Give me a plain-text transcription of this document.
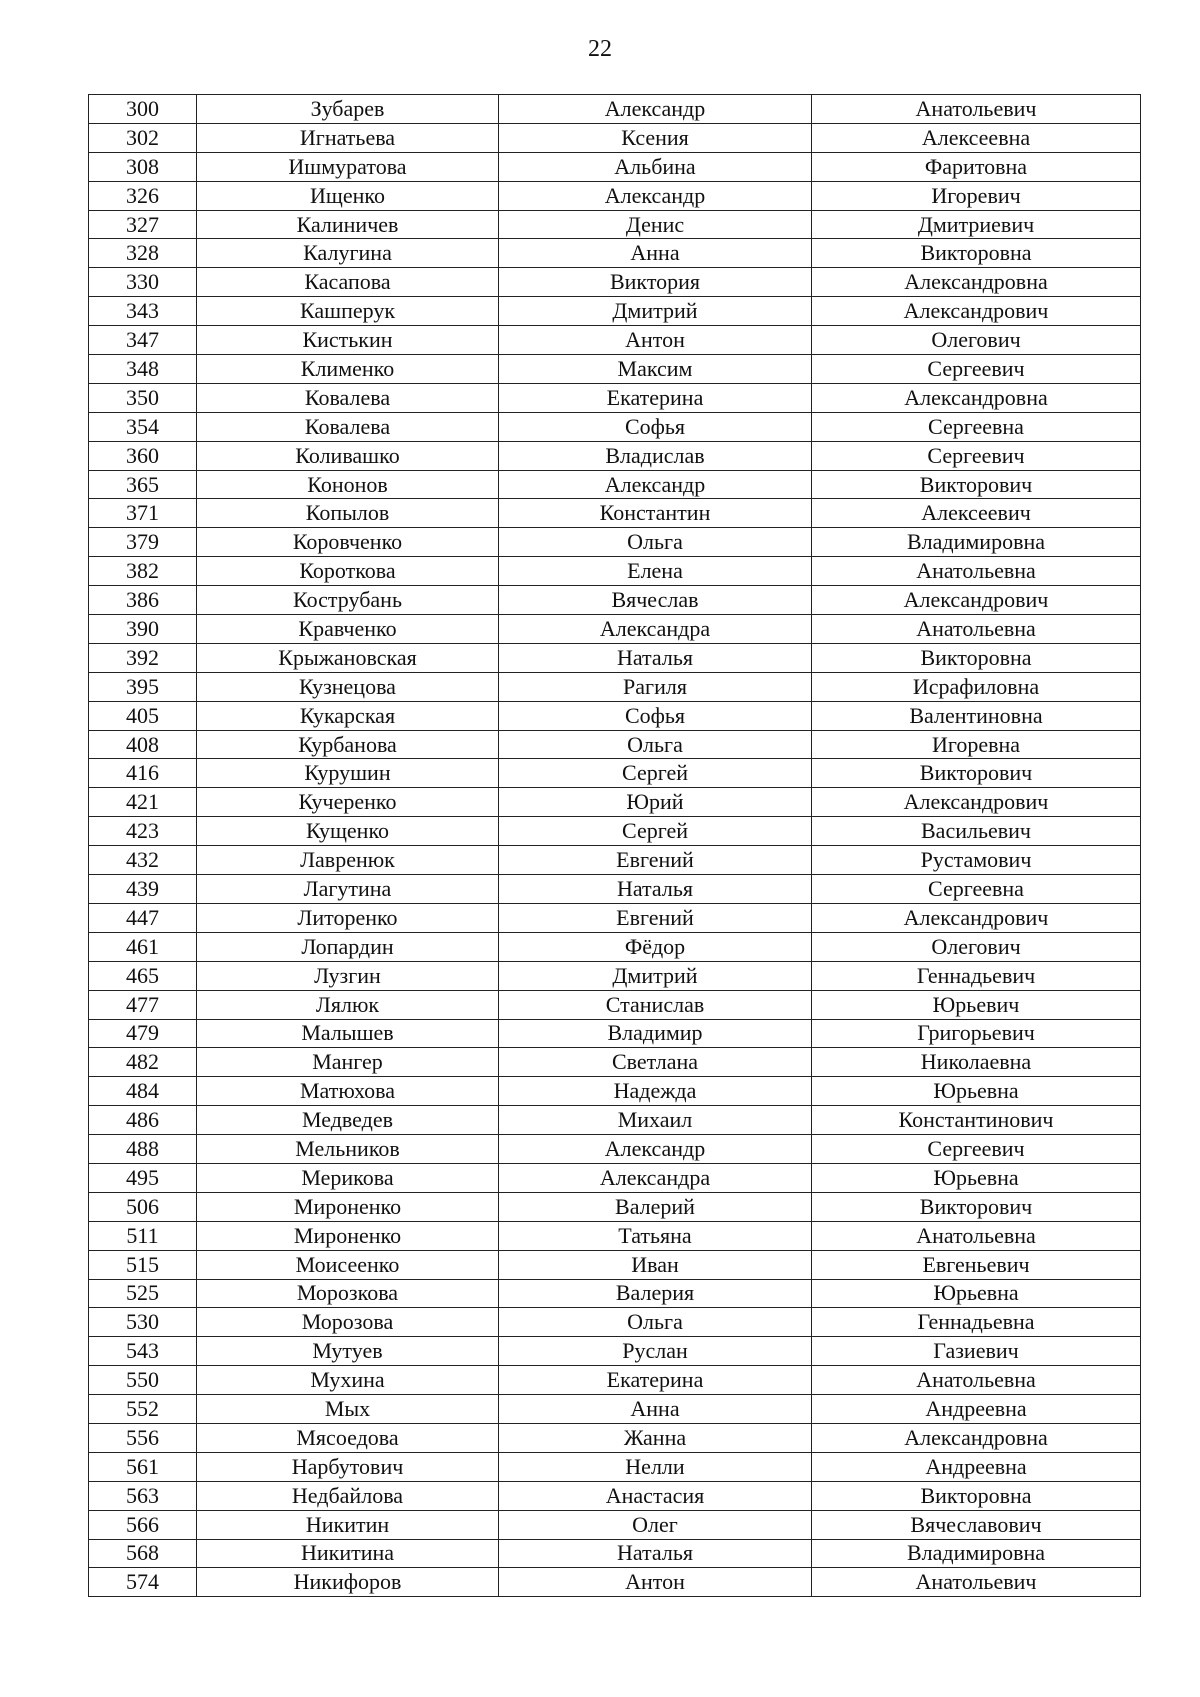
22
300	Зубарев	Александр	Анатольевич
302	Игнатьева	Ксения	Алексеевна
308	Ишмуратова	Альбина	Фаритовна
326	Ищенко	Александр	Игоревич
327	Калиничев	Денис	Дмитриевич
328	Калугина	Анна	Викторовна
330	Касапова	Виктория	Александровна
343	Кашперук	Дмитрий	Александрович
347	Кистькин	Антон	Олегович
348	Клименко	Максим	Сергеевич
350	Ковалева	Екатерина	Александровна
354	Ковалева	Софья	Сергеевна
360	Коливашко	Владислав	Сергеевич
365	Кононов	Александр	Викторович
371	Копылов	Константин	Алексеевич
379	Коровченко	Ольга	Владимировна
382	Короткова	Елена	Анатольевна
386	Кострубань	Вячеслав	Александрович
390	Кравченко	Александра	Анатольевна
392	Крыжановская	Наталья	Викторовна
395	Кузнецова	Рагиля	Исрафиловна
405	Кукарская	Софья	Валентиновна
408	Курбанова	Ольга	Игоревна
416	Курушин	Сергей	Викторович
421	Кучеренко	Юрий	Александрович
423	Кущенко	Сергей	Васильевич
432	Лавренюк	Евгений	Рустамович
439	Лагутина	Наталья	Сергеевна
447	Литоренко	Евгений	Александрович
461	Лопардин	Фёдор	Олегович
465	Лузгин	Дмитрий	Геннадьевич
477	Лялюк	Станислав	Юрьевич
479	Малышев	Владимир	Григорьевич
482	Мангер	Светлана	Николаевна
484	Матюхова	Надежда	Юрьевна
486	Медведев	Михаил	Константинович
488	Мельников	Александр	Сергеевич
495	Мерикова	Александра	Юрьевна
506	Мироненко	Валерий	Викторович
511	Мироненко	Татьяна	Анатольевна
515	Моисеенко	Иван	Евгеньевич
525	Морозкова	Валерия	Юрьевна
530	Морозова	Ольга	Геннадьевна
543	Мутуев	Руслан	Газиевич
550	Мухина	Екатерина	Анатольевна
552	Мых	Анна	Андреевна
556	Мясоедова	Жанна	Александровна
561	Нарбутович	Нелли	Андреевна
563	Недбайлова	Анастасия	Викторовна
566	Никитин	Олег	Вячеславович
568	Никитина	Наталья	Владимировна
574	Никифоров	Антон	Анатольевич
